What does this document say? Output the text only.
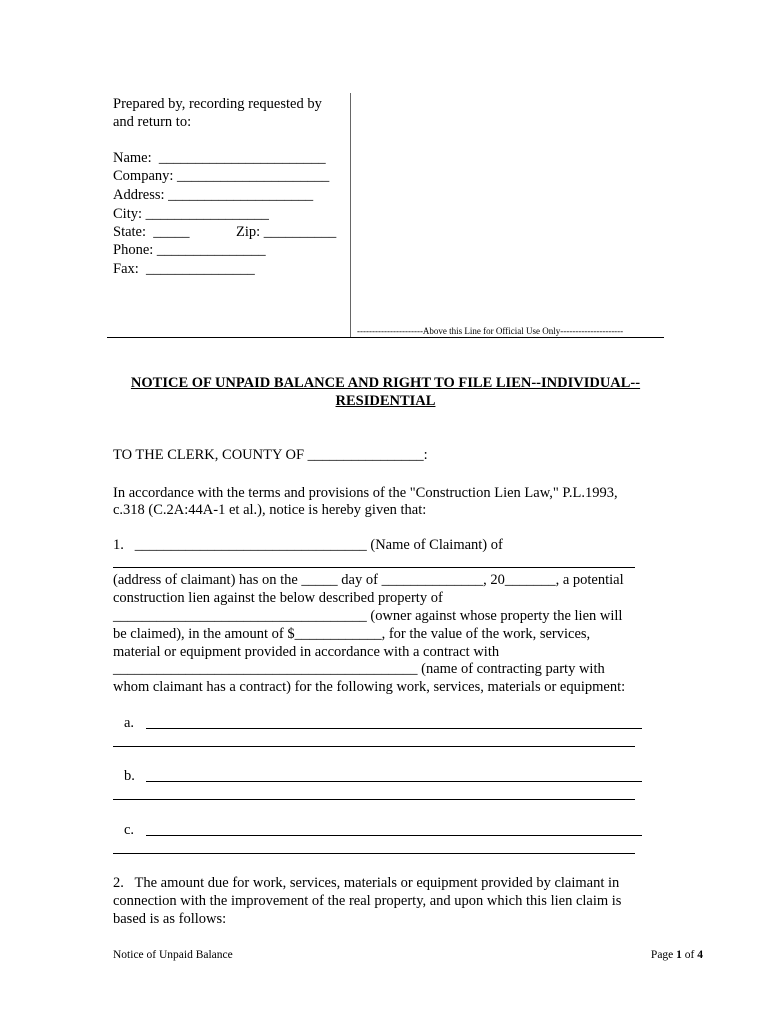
Prepared by, recording requested by
and return to:
Name:  _______________________
Company: _____________________
Address: ____________________
City: _________________
State:  _____	Zip: __________
Phone: _______________
Fax:  _______________
----------------------Above this Line for Official Use Only---------------------
NOTICE OF UNPAID BALANCE AND RIGHT TO FILE LIEN--INDIVIDUAL--
RESIDENTIAL
TO THE CLERK, COUNTY OF ________________:
In accordance with the terms and provisions of the "Construction Lien Law," P.L.1993,
c.318 (C.2A:44A-1 et al.), notice is hereby given that:
1.   ________________________________ (Name of Claimant) of
(address of claimant) has on the _____ day of ______________, 20_______, a potential
construction lien against the below described property of
___________________________________ (owner against whose property the lien will
be claimed), in the amount of $____________, for the value of the work, services,
material or equipment provided in accordance with a contract with
__________________________________________ (name of contracting party with
whom claimant has a contract) for the following work, services, materials or equipment:
a.
b.
c.
2.   The amount due for work, services, materials or equipment provided by claimant in
connection with the improvement of the real property, and upon which this lien claim is
based is as follows:
Notice of Unpaid Balance	Page 1 of 4
